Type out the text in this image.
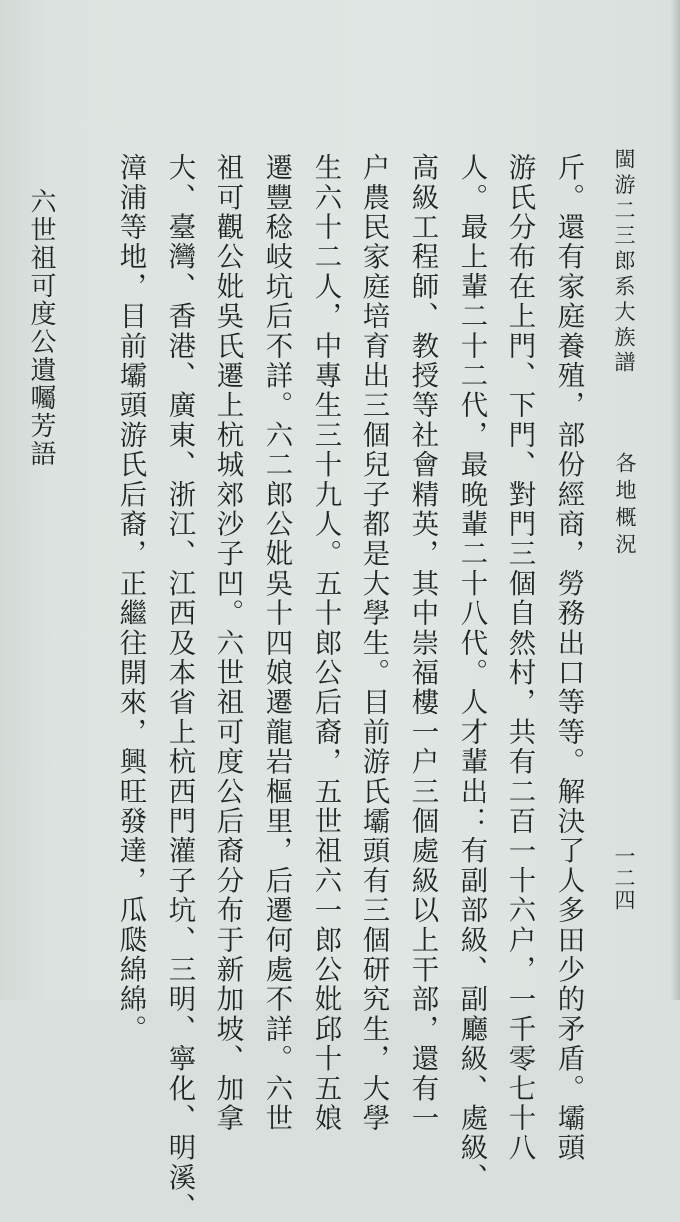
閩游二三郎系大族譜
各地概況
一二四
斤。還有家庭養殖，部份經商，勞務出口等等。解決了人多田少的矛盾。壩頭
游氏分布在上門、下門、對門三個自然村，共有二百一十六户，一千零七十八
人。最上輩二十二代，最晚輩二十八代。人才輩出：有副部級、副廳級、處級、
高級工程師、教授等社會精英，其中崇福樓一户三個處級以上干部，還有一
户農民家庭培育出三個兒子都是大學生。目前游氏壩頭有三個研究生，大學
生六十二人，中專生三十九人。五十郎公后裔，五世祖六一郎公妣邱十五娘
遷豐稔岐坑后不詳。六二郎公妣吳十四娘遷龍岩樞里，后遷何處不詳。六世
祖可觀公妣吳氏遷上杭城郊沙子凹。六世祖可度公后裔分布于新加坡、加拿
大、臺灣、香港、廣東、浙江、江西及本省上杭西門灌子坑、三明、寧化、明溪、
漳浦等地，目前壩頭游氏后裔，正繼往開來，興旺發達，瓜瓞綿綿。
六世祖可度公遺囑芳語
